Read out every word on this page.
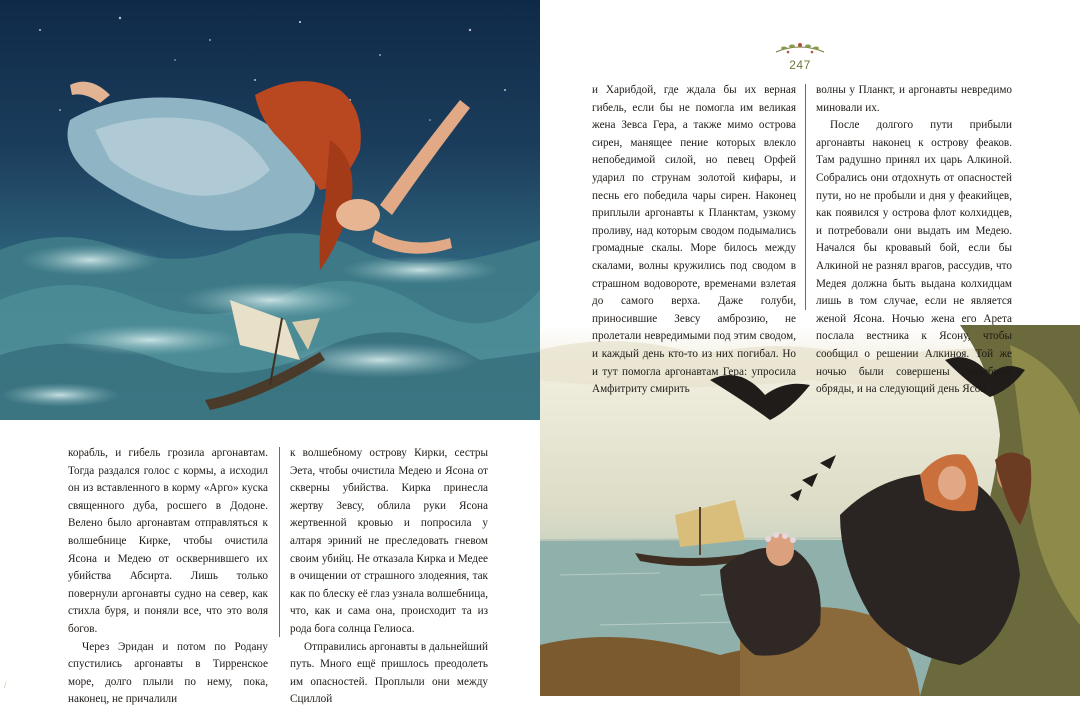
247

корабль, и гибель грозила аргонавтам. Тогда раздался голос с кормы, а исходил он из вставленного в корму «Арго» куска священного дуба, росшего в Додоне. Велено было аргонавтам отправляться к волшебнице Кирке, чтобы очистила Ясона и Медею от осквернившего их убийства Абсирта. Лишь только повернули аргонавты судно на север, как стихла буря, и поняли все, что это воля богов.

Через Эридан и потом по Родану спустились аргонавты в Тирренское море, долго плыли по нему, пока, наконец, не причалили

к волшебному острову Кирки, сестры Эета, чтобы очистила Медею и Ясона от скверны убийства. Кирка принесла жертву Зевсу, облила руки Ясона жертвенной кровью и попросила у алтаря эриний не преследовать гневом своим убийц. Не отказала Кирка и Медее в очищении от страшного злодеяния, так как по блеску её глаз узнала волшебница, что, как и сама она, происходит та из рода бога солнца Гелиоса.

Отправились аргонавты в дальнейший путь. Много ещё пришлось преодолеть им опасностей. Проплыли они между Сциллой

и Харибдой, где ждала бы их верная гибель, если бы не помогла им великая жена Зевса Гера, а также мимо острова сирен, манящее пение которых влекло непобедимой силой, но певец Орфей ударил по струнам золотой кифары, и песнь его победила чары сирен. Наконец приплыли аргонавты к Планктам, узкому проливу, над которым сводом подымались громадные скалы. Море билось между скалами, волны кружились под сводом в страшном водовороте, временами взлетая до самого верха. Даже голуби, приносившие Зевсу амброзию, не пролетали невредимыми под этим сводом, и каждый день кто-то из них погибал. Но и тут помогла аргонавтам Гера: упросила Амфитриту смирить

волны у Планкт, и аргонавты невредимо миновали их.

После долгого пути прибыли аргонавты наконец к острову феаков. Там радушно принял их царь Алкиной. Собрались они отдохнуть от опасностей пути, но не пробыли и дня у феакийцев, как появился у острова флот колхидцев, и потребовали они выдать им Медею. Начался бы кровавый бой, если бы Алкиной не разнял врагов, рассудив, что Медея должна быть выдана колхидцам лишь в том случае, если не является женой Ясона. Ночью жена его Арета послала вестника к Ясону, чтобы сообщил о решении Алкиноя. Той же ночью были совершены свадебные обряды, и на следующий день Ясон

/
